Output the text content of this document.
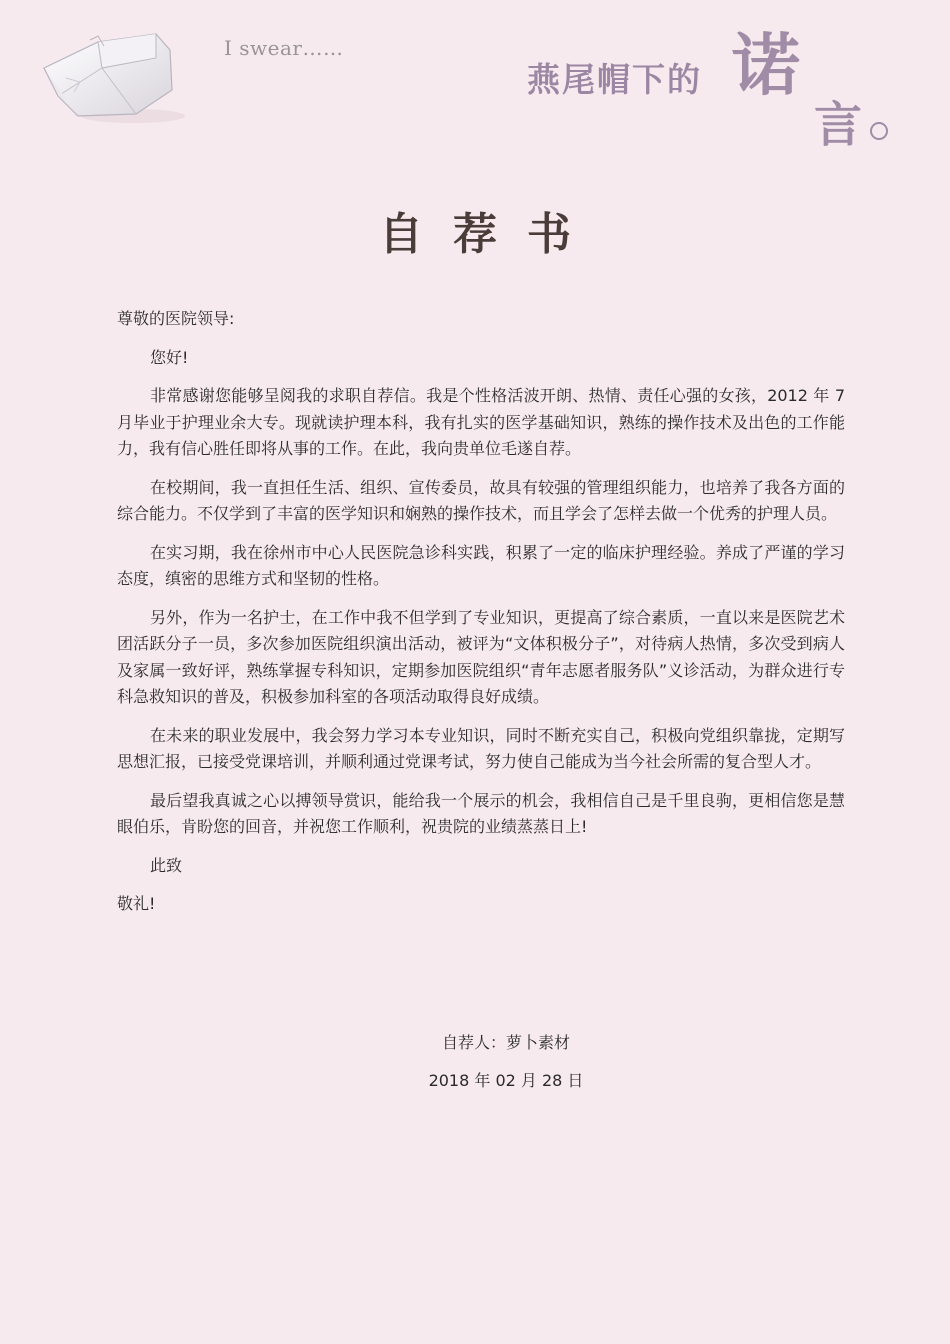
I swear……
燕尾帽下的 诺
言
自荐书

尊敬的医院领导:

您好!

非常感谢您能够呈阅我的求职自荐信。我是个性格活波开朗、热情、责任心强的女孩，2012 年 7 月毕业于护理业余大专。现就读护理本科，我有扎实的医学基础知识，熟练的操作技术及出色的工作能力，我有信心胜任即将从事的工作。在此，我向贵单位毛遂自荐。

在校期间，我一直担任生活、组织、宣传委员，故具有较强的管理组织能力，也培养了我各方面的综合能力。不仅学到了丰富的医学知识和娴熟的操作技术，而且学会了怎样去做一个优秀的护理人员。

在实习期，我在徐州市中心人民医院急诊科实践，积累了一定的临床护理经验。养成了严谨的学习态度，缜密的思维方式和坚韧的性格。

另外，作为一名护士，在工作中我不但学到了专业知识，更提高了综合素质，一直以来是医院艺术团活跃分子一员，多次参加医院组织演出活动，被评为“文体积极分子”，对待病人热情，多次受到病人及家属一致好评，熟练掌握专科知识，定期参加医院组织“青年志愿者服务队”义诊活动，为群众进行专科急救知识的普及，积极参加科室的各项活动取得良好成绩。

在未来的职业发展中，我会努力学习本专业知识，同时不断充实自己，积极向党组织靠拢，定期写思想汇报，已接受党课培训，并顺利通过党课考试，努力使自己能成为当今社会所需的复合型人才。

最后望我真诚之心以搏领导赏识，能给我一个展示的机会，我相信自己是千里良驹，更相信您是慧眼伯乐，肯盼您的回音，并祝您工作顺利，祝贵院的业绩蒸蒸日上!

此致

敬礼!

自荐人：萝卜素材
2018 年 02 月 28 日
